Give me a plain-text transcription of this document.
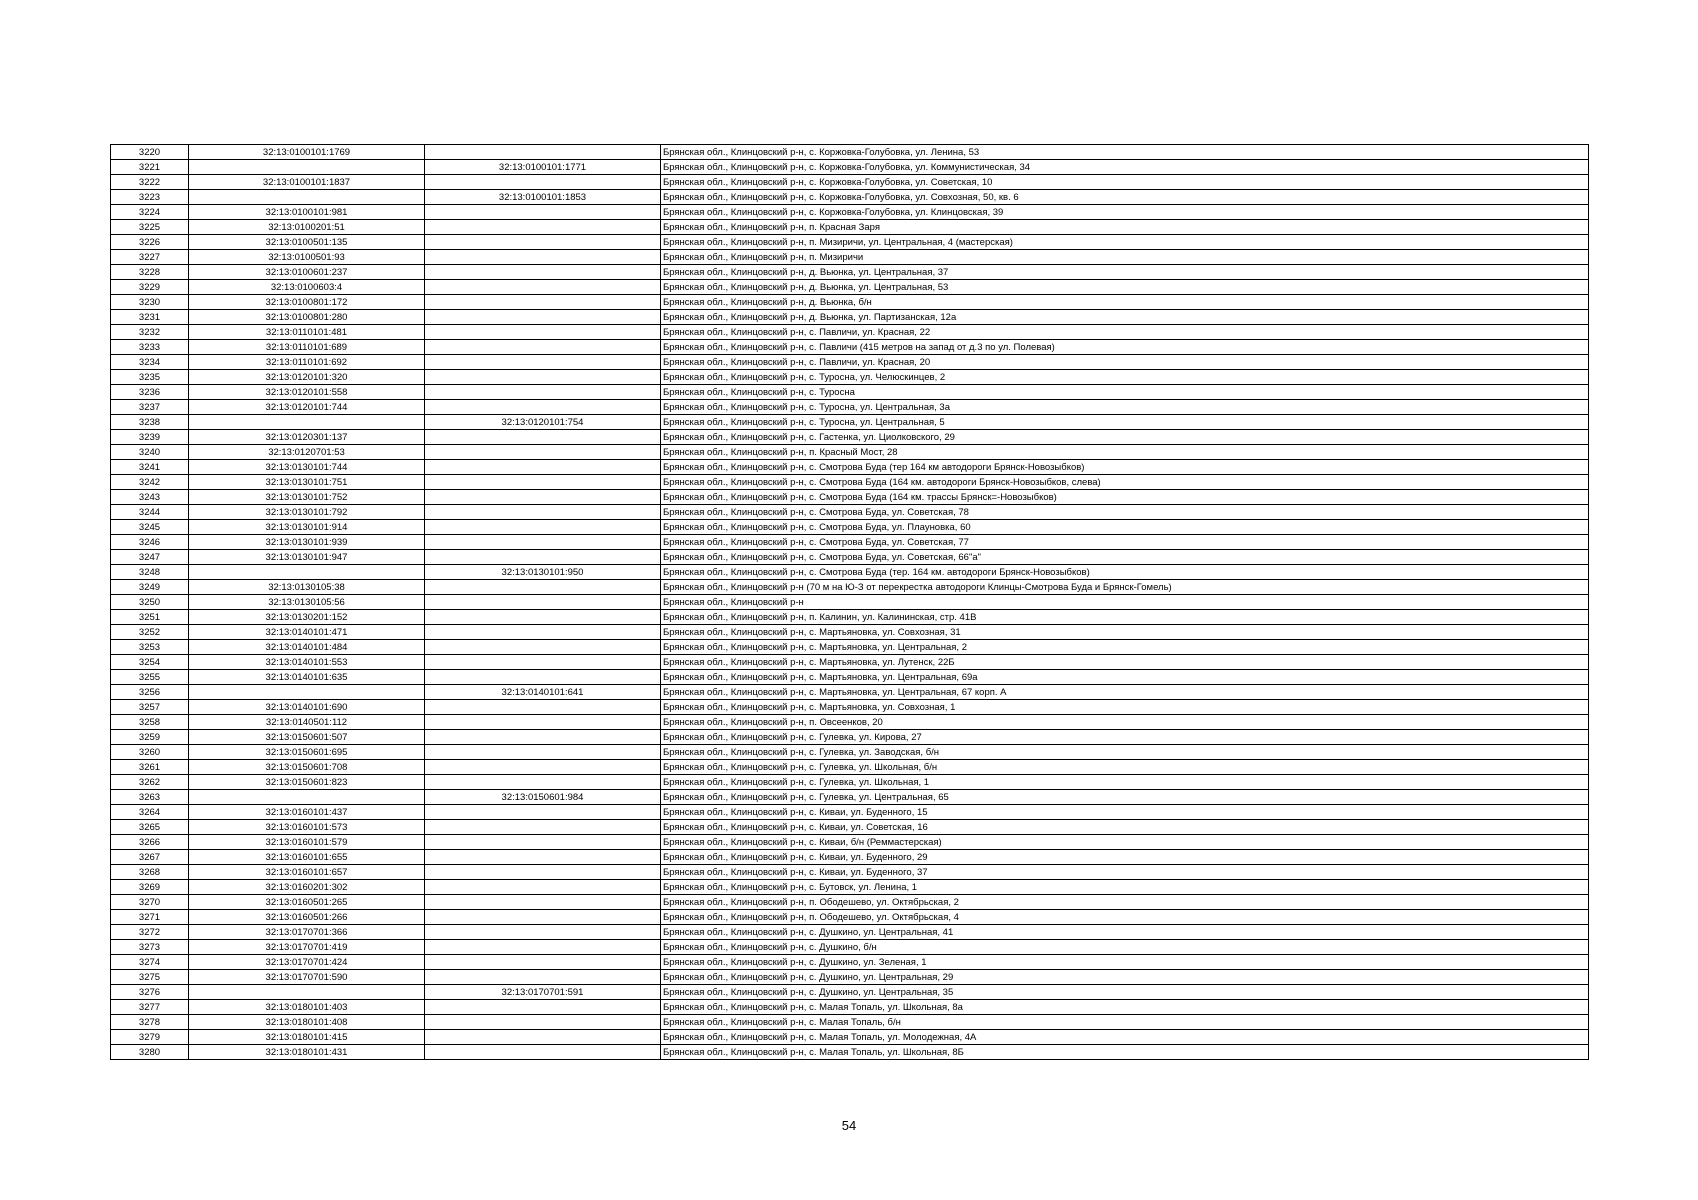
3220	32:13:0100101:1769		Брянская обл., Клинцовский р-н, с. Коржовка-Голубовка, ул. Ленина, 53
3221		32:13:0100101:1771	Брянская обл., Клинцовский р-н, с. Коржовка-Голубовка, ул. Коммунистическая, 34
3222	32:13:0100101:1837		Брянская обл., Клинцовский р-н, с. Коржовка-Голубовка, ул. Советская, 10
3223		32:13:0100101:1853	Брянская обл., Клинцовский р-н, с. Коржовка-Голубовка, ул. Совхозная, 50, кв. 6
3224	32:13:0100101:981		Брянская обл., Клинцовский р-н, с. Коржовка-Голубовка, ул. Клинцовская, 39
3225	32:13:0100201:51		Брянская обл., Клинцовский р-н, п. Красная Заря
3226	32:13:0100501:135		Брянская обл., Клинцовский р-н, п. Мизиричи, ул. Центральная, 4 (мастерская)
3227	32:13:0100501:93		Брянская обл., Клинцовский р-н, п. Мизиричи
3228	32:13:0100601:237		Брянская обл., Клинцовский р-н, д. Вьюнка, ул. Центральная, 37
3229	32:13:0100603:4		Брянская обл., Клинцовский р-н, д. Вьюнка, ул. Центральная, 53
3230	32:13:0100801:172		Брянская обл., Клинцовский р-н, д. Вьюнка, б/н
3231	32:13:0100801:280		Брянская обл., Клинцовский р-н, д. Вьюнка, ул. Партизанская, 12а
3232	32:13:0110101:481		Брянская обл., Клинцовский р-н, с. Павличи, ул. Красная, 22
3233	32:13:0110101:689		Брянская обл., Клинцовский р-н, с. Павличи (415 метров на запад от д.3 по ул. Полевая)
3234	32:13:0110101:692		Брянская обл., Клинцовский р-н, с. Павличи, ул. Красная, 20
3235	32:13:0120101:320		Брянская обл., Клинцовский р-н, с. Туросна, ул. Челюскинцев, 2
3236	32:13:0120101:558		Брянская обл., Клинцовский р-н, с. Туросна
3237	32:13:0120101:744		Брянская обл., Клинцовский р-н, с. Туросна, ул. Центральная, 3а
3238		32:13:0120101:754	Брянская обл., Клинцовский р-н, с. Туросна, ул. Центральная, 5
3239	32:13:0120301:137		Брянская обл., Клинцовский р-н, с. Гастенка, ул. Циолковского, 29
3240	32:13:0120701:53		Брянская обл., Клинцовский р-н, п. Красный Мост, 28
3241	32:13:0130101:744		Брянская обл., Клинцовский р-н, с. Смотрова Буда (тер 164 км автодороги Брянск-Новозыбков)
3242	32:13:0130101:751		Брянская обл., Клинцовский р-н, с. Смотрова Буда (164 км. автодороги Брянск-Новозыбков, слева)
3243	32:13:0130101:752		Брянская обл., Клинцовский р-н, с. Смотрова Буда (164 км. трассы Брянск=-Новозыбков)
3244	32:13:0130101:792		Брянская обл., Клинцовский р-н, с. Смотрова Буда, ул. Советская, 78
3245	32:13:0130101:914		Брянская обл., Клинцовский р-н, с. Смотрова Буда, ул. Плауновка, 60
3246	32:13:0130101:939		Брянская обл., Клинцовский р-н, с. Смотрова Буда, ул. Советская, 77
3247	32:13:0130101:947		Брянская обл., Клинцовский р-н, с. Смотрова Буда, ул. Советская, 66"а"
3248		32:13:0130101:950	Брянская обл., Клинцовский р-н, с. Смотрова Буда (тер. 164 км. автодороги Брянск-Новозыбков)
3249	32:13:0130105:38		Брянская обл., Клинцовский р-н (70 м на Ю-З от перекрестка автодороги Клинцы-Смотрова Буда и Брянск-Гомель)
3250	32:13:0130105:56		Брянская обл., Клинцовский р-н
3251	32:13:0130201:152		Брянская обл., Клинцовский р-н, п. Калинин, ул. Калининская, стр. 41В
3252	32:13:0140101:471		Брянская обл., Клинцовский р-н, с. Мартьяновка, ул. Совхозная, 31
3253	32:13:0140101:484		Брянская обл., Клинцовский р-н, с. Мартьяновка, ул. Центральная, 2
3254	32:13:0140101:553		Брянская обл., Клинцовский р-н, с. Мартьяновка, ул. Лутенск, 22Б
3255	32:13:0140101:635		Брянская обл., Клинцовский р-н, с. Мартьяновка, ул. Центральная, 69а
3256		32:13:0140101:641	Брянская обл., Клинцовский р-н, с. Мартьяновка, ул. Центральная, 67 корп. А
3257	32:13:0140101:690		Брянская обл., Клинцовский р-н, с. Мартьяновка, ул. Совхозная, 1
3258	32:13:0140501:112		Брянская обл., Клинцовский р-н, п. Овсеенков, 20
3259	32:13:0150601:507		Брянская обл., Клинцовский р-н, с. Гулевка, ул. Кирова, 27
3260	32:13:0150601:695		Брянская обл., Клинцовский р-н, с. Гулевка, ул. Заводская, б/н
3261	32:13:0150601:708		Брянская обл., Клинцовский р-н, с. Гулевка, ул. Школьная, б/н
3262	32:13:0150601:823		Брянская обл., Клинцовский р-н, с. Гулевка, ул. Школьная, 1
3263		32:13:0150601:984	Брянская обл., Клинцовский р-н, с. Гулевка, ул. Центральная, 65
3264	32:13:0160101:437		Брянская обл., Клинцовский р-н, с. Киваи, ул. Буденного, 15
3265	32:13:0160101:573		Брянская обл., Клинцовский р-н, с. Киваи, ул. Советская, 16
3266	32:13:0160101:579		Брянская обл., Клинцовский р-н, с. Киваи, б/н (Реммастерская)
3267	32:13:0160101:655		Брянская обл., Клинцовский р-н, с. Киваи, ул. Буденного, 29
3268	32:13:0160101:657		Брянская обл., Клинцовский р-н, с. Киваи, ул. Буденного, 37
3269	32:13:0160201:302		Брянская обл., Клинцовский р-н, с. Бутовск, ул. Ленина, 1
3270	32:13:0160501:265		Брянская обл., Клинцовский р-н, п. Ободешево, ул. Октябрьская, 2
3271	32:13:0160501:266		Брянская обл., Клинцовский р-н, п. Ободешево, ул. Октябрьская, 4
3272	32:13:0170701:366		Брянская обл., Клинцовский р-н, с. Душкино, ул. Центральная, 41
3273	32:13:0170701:419		Брянская обл., Клинцовский р-н, с. Душкино, б/н
3274	32:13:0170701:424		Брянская обл., Клинцовский р-н, с. Душкино, ул. Зеленая, 1
3275	32:13:0170701:590		Брянская обл., Клинцовский р-н, с. Душкино, ул. Центральная, 29
3276		32:13:0170701:591	Брянская обл., Клинцовский р-н, с. Душкино, ул. Центральная, 35
3277	32:13:0180101:403		Брянская обл., Клинцовский р-н, с. Малая Топаль, ул. Школьная, 8а
3278	32:13:0180101:408		Брянская обл., Клинцовский р-н, с. Малая Топаль, б/н
3279	32:13:0180101:415		Брянская обл., Клинцовский р-н, с. Малая Топаль, ул. Молодежная, 4А
3280	32:13:0180101:431		Брянская обл., Клинцовский р-н, с. Малая Топаль, ул. Школьная, 8Б
54
